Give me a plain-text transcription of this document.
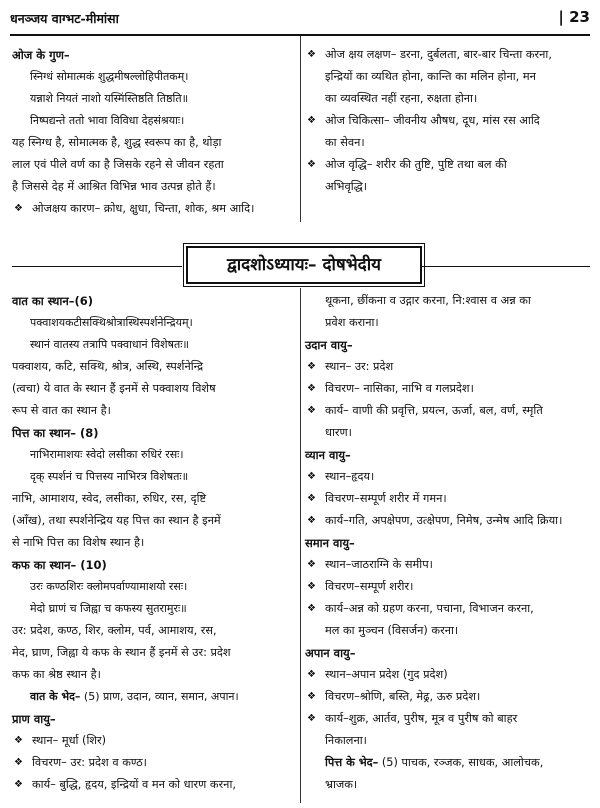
धनञ्जय वाग्भट-मीमांसा	| 23
ओज के गुण–
स्निग्धं सोमात्मकं शुद्धमीषल्लोहिपीतकम्।
यन्नाशे नियतं नाशो यस्मिंस्तिष्ठति तिष्ठति॥
निष्पद्यन्ते ततो भावा विविधा देहसंश्रयाः।
यह स्निग्ध है, सोमात्मक है, शुद्ध स्वरूप का है, थोड़ा
लाल एवं पीले वर्ण का है जिसके रहने से जीवन रहता
है जिससे देह में आश्रित विभिन्न भाव उत्पन्न होते हैं।
❖ ओजक्षय कारण– क्रोध, क्षुधा, चिन्ता, शोक, श्रम आदि।
❖ ओज क्षय लक्षण– डरना, दुर्बलता, बार-बार चिन्ता करना,
इन्द्रियों का व्यथित होना, कान्ति का मलिन होना, मन
का व्यवस्थित नहीं रहना, रुक्षता होना।
❖ ओज चिकित्सा– जीवनीय औषध, दूध, मांस रस आदि
का सेवन।
❖ ओज वृद्धि– शरीर की तुष्टि, पुष्टि तथा बल की
अभिवृद्धि।
द्वादशोऽध्यायः– दोषभेदीय
वात का स्थान–(6)
पक्वाशयकटीसक्थिश्रोत्रास्थिस्पर्शनेन्द्रियम्।
स्थानं वातस्य तत्रापि पक्वाधानं विशेषतः॥
पक्वाशय, कटि, सक्थि, श्रोत्र, अस्थि, स्पर्शनेन्द्रि
(त्वचा) ये वात के स्थान हैं इनमें से पक्वाशय विशेष
रूप से वात का स्थान है।
पित्त का स्थान– (8)
नाभिरामाशयः स्वेदो लसीका रुधिरं रसः।
दृक् स्पर्शनं च पित्तस्य नाभिरत्र विशेषतः॥
नाभि, आमाशय, स्वेद, लसीका, रुधिर, रस, दृष्टि
(आँख), तथा स्पर्शनेन्द्रिय यह पित्त का स्थान है इनमें
से नाभि पित्त का विशेष स्थान है।
कफ का स्थान– (10)
उरः कण्ठशिरः क्लोमपर्वाण्यामाशयो रसः।
मेदो घ्राणं च जिह्वा च कफस्य सुतरामुरः॥
उर: प्रदेश, कण्ठ, शिर, क्लोम, पर्व, आमाशय, रस,
मेद, घ्राण, जिह्वा ये कफ के स्थान हैं इनमें से उर: प्रदेश
कफ का श्रेष्ठ स्थान है।
वात के भेद– (5) प्राण, उदान, व्यान, समान, अपान।
प्राण वायु–
❖ स्थान– मूर्धा (शिर)
❖ विचरण– उर: प्रदेश व कण्ठ।
❖ कार्य– बुद्धि, हृदय, इन्द्रियों व मन को धारण करना,
थूकना, छींकना व उद्गार करना, नि:श्वास व अन्न का
प्रवेश कराना।
उदान वायु–
❖ स्थान– उर: प्रदेश
❖ विचरण– नासिका, नाभि व गलप्रदेश।
❖ कार्य– वाणी की प्रवृत्ति, प्रयत्न, ऊर्जा, बल, वर्ण, स्मृति
धारण।
व्यान वायु–
❖ स्थान–हृदय।
❖ विचरण–सम्पूर्ण शरीर में गमन।
❖ कार्य–गति, अपक्षेपण, उत्क्षेपण, निमेष, उन्मेष आदि क्रिया।
समान वायु–
❖ स्थान–जाठराग्नि के समीप।
❖ विचरण–सम्पूर्ण शरीर।
❖ कार्य–अन्न को ग्रहण करना, पचाना, विभाजन करना,
मल का मुञ्चन (विसर्जन) करना।
अपान वायु–
❖ स्थान–अपान प्रदेश (गुद प्रदेश)
❖ विचरण–श्रोणि, बस्ति, मेढ्र, ऊरु प्रदेश।
❖ कार्य–शुक्र, आर्तव, पुरीष, मूत्र व पुरीष को बाहर
निकालना।
पित्त के भेद– (5) पाचक, रञ्जक, साधक, आलोचक,
भ्राजक।
